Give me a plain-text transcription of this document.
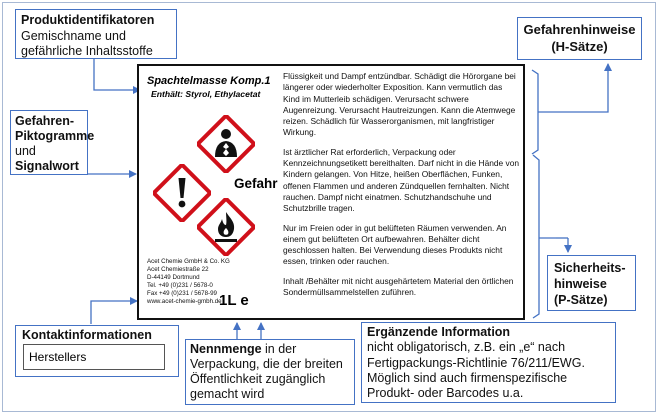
Produktidentifikatoren
Gemischname und gefährliche Inhaltsstoffe
Gefahrenhinweise
(H-Sätze)
Gefahren-
Piktogramme
und
Signalwort
Sicherheits-
hinweise
(P-Sätze)
Kontaktinformationen
Herstellers
Nennmenge in der Verpackung, die der breiten Öffentlichkeit zugänglich gemacht wird
Ergänzende Information
nicht obligatorisch, z.B. ein „e“ nach Fertigpackungs-Richtlinie 76/211/EWG. Möglich sind auch firmenspezifische Produkt- oder Barcodes u.a.
Spachtelmasse Komp.1
Enthält: Styrol, Ethylacetat
Gefahr
Acet Chemie GmbH & Co. KG
Acet Chemiestraße 22
D-44149 Dortmund
Tel. +49 (0)231 / 5678-0
Fax +49 (0)231 / 5678-99
www.acet-chemie-gmbh.de
1L e

Flüssigkeit und Dampf entzündbar. Schädigt die Hörorgane bei längerer oder wiederholter Exposition. Kann vermutlich das Kind im Mutterleib schädigen. Verursacht schwere Augenreizung. Verursacht Hautreizungen. Kann die Atemwege reizen. Schädlich für Wasserorganismen, mit langfristiger Wirkung.

Ist ärztlicher Rat erforderlich, Verpackung oder Kennzeichnungsetikett bereithalten. Darf nicht in die Hände von Kindern gelangen. Von Hitze, heißen Oberflächen, Funken, offenen Flammen und anderen Zündquellen fernhalten. Nicht rauchen. Dampf nicht einatmen. Schutzhandschuhe und Schutzbrille tragen.

Nur im Freien oder in gut belüfteten Räumen verwenden. An einem gut belüfteten Ort aufbewahren. Behälter dicht geschlossen halten. Bei Verwendung dieses Produkts nicht essen, trinken oder rauchen.

Inhalt /Behälter mit nicht ausgehärtetem Material den örtlichen Sondermüllsammelstellen zuführen.
